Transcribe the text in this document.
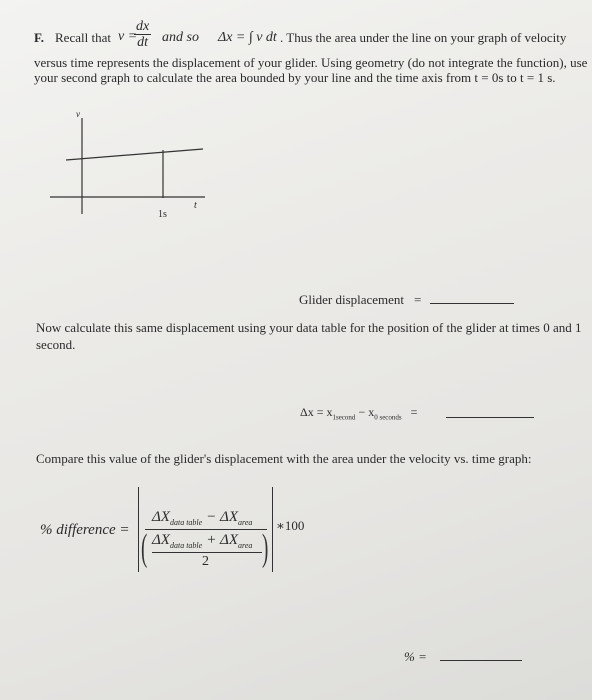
F. Recall that v =
$\frac{dx}{dt}$ and so Δx = ∫ v dt . Thus the area under the line on your graph of velocity
versus time represents the displacement of your glider. Using geometry (do not integrate the function), use
your second graph to calculate the area bounded by your line and the time axis from t = 0s to t = 1 s.
v
t
1s
Glider displacement =
Now calculate this same displacement using your data table for the position of the glider at times 0 and 1
second.
$\Delta x = x_{1second} - x_{0 seconds}$ =
Compare this value of the glider's displacement with the area under the velocity vs. time graph:
% difference =
$\Delta X_{data table} - \Delta X_{area}$
(	)
$\Delta X_{data table} + \Delta X_{area}$
2
∗100
% =
